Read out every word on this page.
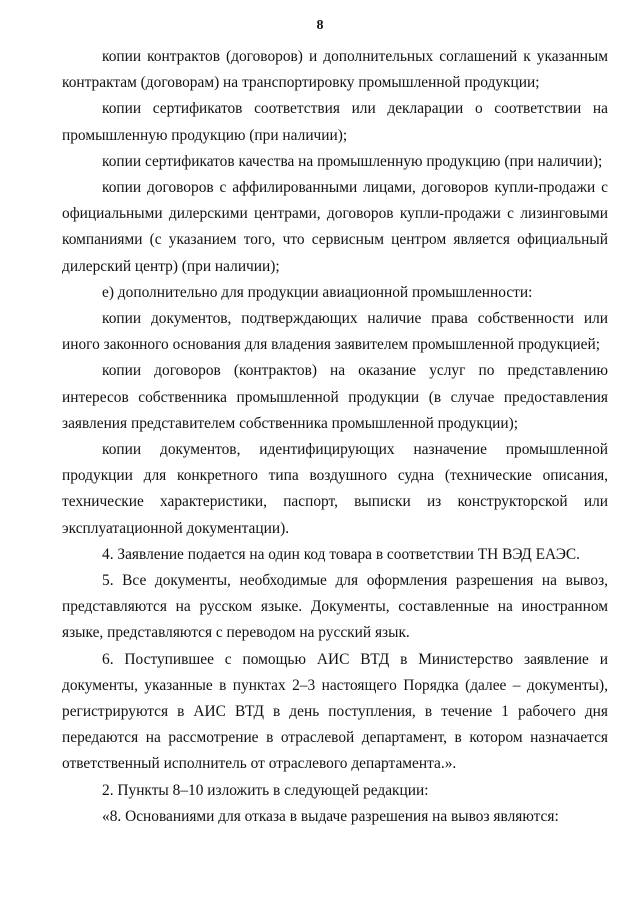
8

копии контрактов (договоров) и дополнительных соглашений к указанным контрактам (договорам) на транспортировку промышленной продукции;

копии сертификатов соответствия или декларации о соответствии на промышленную продукцию (при наличии);

копии сертификатов качества на промышленную продукцию (при наличии);

копии договоров с аффилированными лицами, договоров купли-продажи с официальными дилерскими центрами, договоров купли-продажи с лизинговыми компаниями (с указанием того, что сервисным центром является официальный дилерский центр) (при наличии);

е) дополнительно для продукции авиационной промышленности:

копии документов, подтверждающих наличие права собственности или иного законного основания для владения заявителем промышленной продукцией;

копии договоров (контрактов) на оказание услуг по представлению интересов собственника промышленной продукции (в случае предоставления заявления представителем собственника промышленной продукции);

копии документов, идентифицирующих назначение промышленной продукции для конкретного типа воздушного судна (технические описания, технические характеристики, паспорт, выписки из конструкторской или эксплуатационной документации).

4. Заявление подается на один код товара в соответствии ТН ВЭД ЕАЭС.

5. Все документы, необходимые для оформления разрешения на вывоз, представляются на русском языке. Документы, составленные на иностранном языке, представляются с переводом на русский язык.

6. Поступившее с помощью АИС ВТД в Министерство заявление и документы, указанные в пунктах 2–3 настоящего Порядка (далее – документы), регистрируются в АИС ВТД в день поступления, в течение 1 рабочего дня передаются на рассмотрение в отраслевой департамент, в котором назначается ответственный исполнитель от отраслевого департамента.».

2. Пункты 8–10 изложить в следующей редакции:

«8. Основаниями для отказа в выдаче разрешения на вывоз являются:
